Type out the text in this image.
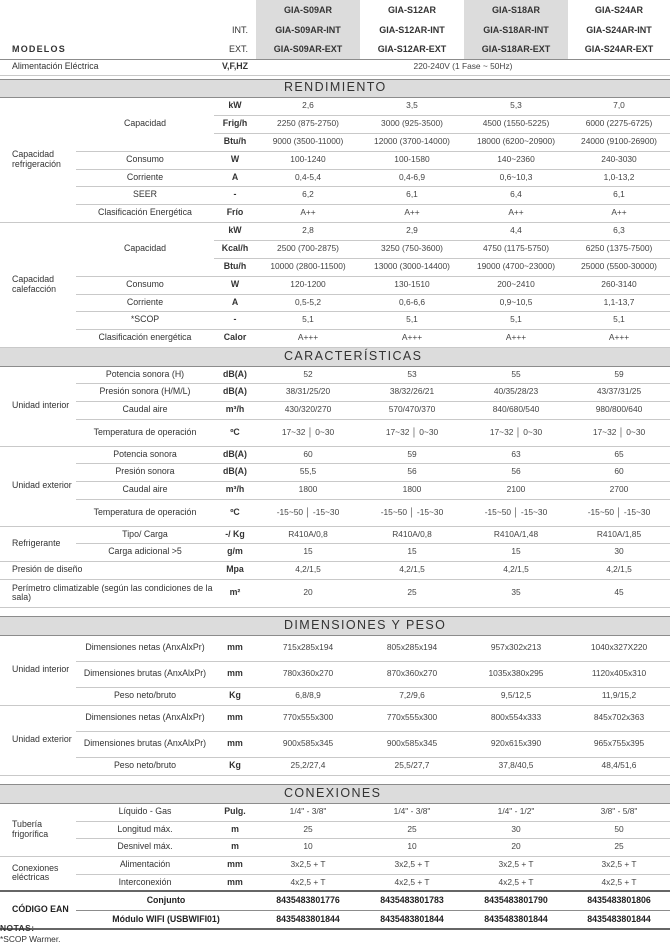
			GIA-S09AR	GIA-S12AR	GIA-S18AR	GIA-S24AR
		INT.	GIA-S09AR-INT	GIA-S12AR-INT	GIA-S18AR-INT	GIA-S24AR-INT
MODELOS		EXT.	GIA-S09AR-EXT	GIA-S12AR-EXT	GIA-S18AR-EXT	GIA-S24AR-EXT
Alimentación Eléctrica		V,F,HZ	220-240V (1 Fase ~ 50Hz)			

			RENDIMIENTO			
Capacidad refrigeración	Capacidad	kW	2,6	3,5	5,3	7,0
		Frig/h	2250 (875-2750)	3000 (925-3500)	4500 (1550-5225)	6000 (2275-6725)
		Btu/h	9000 (3500-11000)	12000 (3700-14000)	18000 (6200~20900)	24000 (9100-26900)
	Consumo	W	100-1240	100-1580	140~2360	240-3030
	Corriente	A	0,4-5,4	0,4-6,9	0,6~10,3	1,0-13,2
	SEER	-	6,2	6,1	6,4	6,1
	Clasificación Energética	Frío	A++	A++	A++	A++
Capacidad calefacción	Capacidad	kW	2,8	2,9	4,4	6,3
		Kcal/h	2500 (700-2875)	3250 (750-3600)	4750 (1175-5750)	6250 (1375-7500)
		Btu/h	10000 (2800-11500)	13000 (3000-14400)	19000 (4700~23000)	25000 (5500-30000)
	Consumo	W	120-1200	130-1510	200~2410	260-3140
	Corriente	A	0,5-5,2	0,6-6,6	0,9~10,5	1,1-13,7
	*SCOP	-	5,1	5,1	5,1	5,1
	Clasificación energética	Calor	A+++	A+++	A+++	A+++
			CARACTERÍSTICAS			
Unidad interior	Potencia sonora (H)	dB(A)	52	53	55	59
	Presión sonora (H/M/L)	dB(A)	38/31/25/20	38/32/26/21	40/35/28/23	43/37/31/25
	Caudal aire	m³/h	430/320/270	570/470/370	840/680/540	980/800/640
	Temperatura de operación	ºC	17~32 │ 0~30	17~32 │ 0~30	17~32 │ 0~30	17~32 │ 0~30
Unidad exterior	Potencia sonora	dB(A)	60	59	63	65
	Presión sonora	dB(A)	55,5	56	56	60
	Caudal aire	m³/h	1800	1800	2100	2700
	Temperatura de operación	ºC	-15~50 │ -15~30	-15~50 │ -15~30	-15~50 │ -15~30	-15~50 │ -15~30
Refrigerante	Tipo/ Carga	-/ Kg	R410A/0,8	R410A/0,8	R410A/1,48	R410A/1,85
	Carga adicional >5	g/m	15	15	15	30
Presión de diseño		Mpa	4,2/1,5	4,2/1,5	4,2/1,5	4,2/1,5
Perímetro climatizable (según las condiciones de la sala)		m²	20	25	35	45

			DIMENSIONES Y PESO			
Unidad interior	Dimensiones netas (AnxAlxPr)	mm	715x285x194	805x285x194	957x302x213	1040x327X220
	Dimensiones brutas (AnxAlxPr)	mm	780x360x270	870x360x270	1035x380x295	1120x405x310
	Peso neto/bruto	Kg	6,8/8,9	7,2/9,6	9,5/12,5	11,9/15,2
Unidad exterior	Dimensiones netas (AnxAlxPr)	mm	770x555x300	770x555x300	800x554x333	845x702x363
	Dimensiones brutas (AnxAlxPr)	mm	900x585x345	900x585x345	920x615x390	965x755x395
	Peso neto/bruto	Kg	25,2/27,4	25,5/27,7	37,8/40,5	48,4/51,6

			CONEXIONES			
Tubería frigorífica	Líquido - Gas	Pulg.	1/4" - 3/8"	1/4" - 3/8"	1/4" - 1/2"	3/8" - 5/8"
	Longitud máx.	m	25	25	30	50
	Desnivel máx.	m	10	10	20	25
Conexiones eléctricas	Alimentación	mm	3x2,5 + T	3x2,5 + T	3x2,5 + T	3x2,5 + T
	Interconexión	mm	4x2,5 + T	4x2,5 + T	4x2,5 + T	4x2,5 + T
CÓDIGO EAN	Conjunto		8435483801776	8435483801783	8435483801790	8435483801806
	Módulo WIFI (USBWIFI01)		8435483801844	8435483801844	8435483801844	8435483801844
NOTAS:
*SCOP Warmer.
